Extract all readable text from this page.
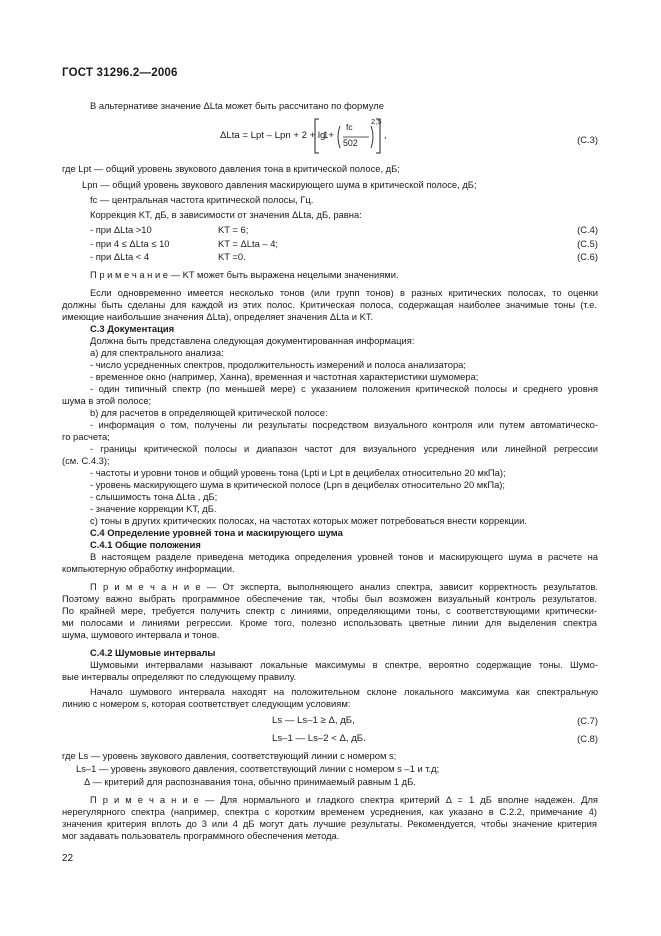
ГОСТ 31296.2—2006
В альтернативе значение ΔLta может быть рассчитано по формуле
ΔLta = Lpt – Lpn + 2 + lg
1+
fc
502
2,5
,	(С.3)
где Lpt — общий уровень звукового давления тона в критической полосе, дБ;
Lpn — общий уровень звукового давления маскирующего шума в критической полосе, дБ;
fc — центральная частота критической полосы, Гц.
Коррекция KT, дБ, в зависимости от значения ΔLta, дБ, равна:
- при ΔLta >10	KT = 6;	(С.4)
- при 4 ≤ ΔLta ≤ 10	KT = ΔLta – 4;	(С.5)
- при ΔLta < 4	KT =0.	(С.6)
П р и м е ч а н и е — KT может быть выражена нецелыми значениями.
Если одновременно имеется несколько тонов (или групп тонов) в разных критических полосах, то оценки
должны быть сделаны для каждой из этих полос. Критическая полоса, содержащая наиболее значимые тоны (т.е.
имеющие наибольшие значения ΔLta), определяет значения ΔLta и KT.
С.3 Документация
Должна быть представлена следующая документированная информация:
а) для спектрального анализа:
- число усредненных спектров, продолжительность измерений и полоса анализатора;
- временное окно (например, Ханна), временная и частотная характеристики шумомера;
- один типичный спектр (по меньшей мере) с указанием положения критической полосы и среднего уровня
шума в этой полосе;
b) для расчетов в определяющей критической полосе:
- информация о том, получены ли результаты посредством визуального контроля или путем автоматическо-
го расчета;
- границы критической полосы и диапазон частот для визуального усреднения или линейной регрессии
(см. С.4.3);
- частоты и уровни тонов и общий уровень тона (Lpti и Lpt в децибелах относительно 20 мкПа);
- уровень маскирующего шума в критической полосе (Lpn в децибелах относительно 20 мкПа);
- слышимость тона ΔLta , дБ;
- значение коррекции KT, дБ.
с) тоны в других критических полосах, на частотах которых может потребоваться внести коррекции.
С.4 Определение уровней тона и маскирующего шума
С.4.1 Общие положения
В настоящем разделе приведена методика определения уровней тонов и маскирующего шума в расчете на
компьютерную обработку информации.
П р и м е ч а н и е — От эксперта, выполняющего анализ спектра, зависит корректность результатов.
Поэтому важно выбрать программное обеспечение так, чтобы был возможен визуальный контроль результатов.
По крайней мере, требуется получить спектр с линиями, определяющими тоны, с соответствующими критически-
ми полосами и линиями регрессии. Кроме того, полезно использовать цветные линии для выделения спектра
шума, шумового интервала и тонов.
С.4.2 Шумовые интервалы
Шумовыми интервалами называют локальные максимумы в спектре, вероятно содержащие тоны. Шумо-
вые интервалы определяют по следующему правилу.
Начало шумового интервала находят на положительном склоне локального максимума как спектральную
линию с номером s, которая соответствует следующим условиям:
Ls — Ls–1 ≥ Δ, дБ,	(С.7)
Ls–1 — Ls–2 < Δ, дБ.	(С.8)
где Ls — уровень звукового давления, соответствующий линии с номером s;
Ls–1 — уровень звукового давления, соответствующий линии с номером s –1 и т.д;
Δ — критерий для распознавания тона, обычно принимаемый равным 1 дБ.
П р и м е ч а н и е — Для нормального и гладкого спектра критерий Δ = 1 дБ вполне надежен. Для
нерегулярного спектра (например, спектра с коротким временем усреднения, как указано в С.2.2, примечание 4)
значения критерия вплоть до 3 или 4 дБ могут дать лучшие результаты. Рекомендуется, чтобы значение критерия
мог задавать пользователь программного обеспечения метода.
22
